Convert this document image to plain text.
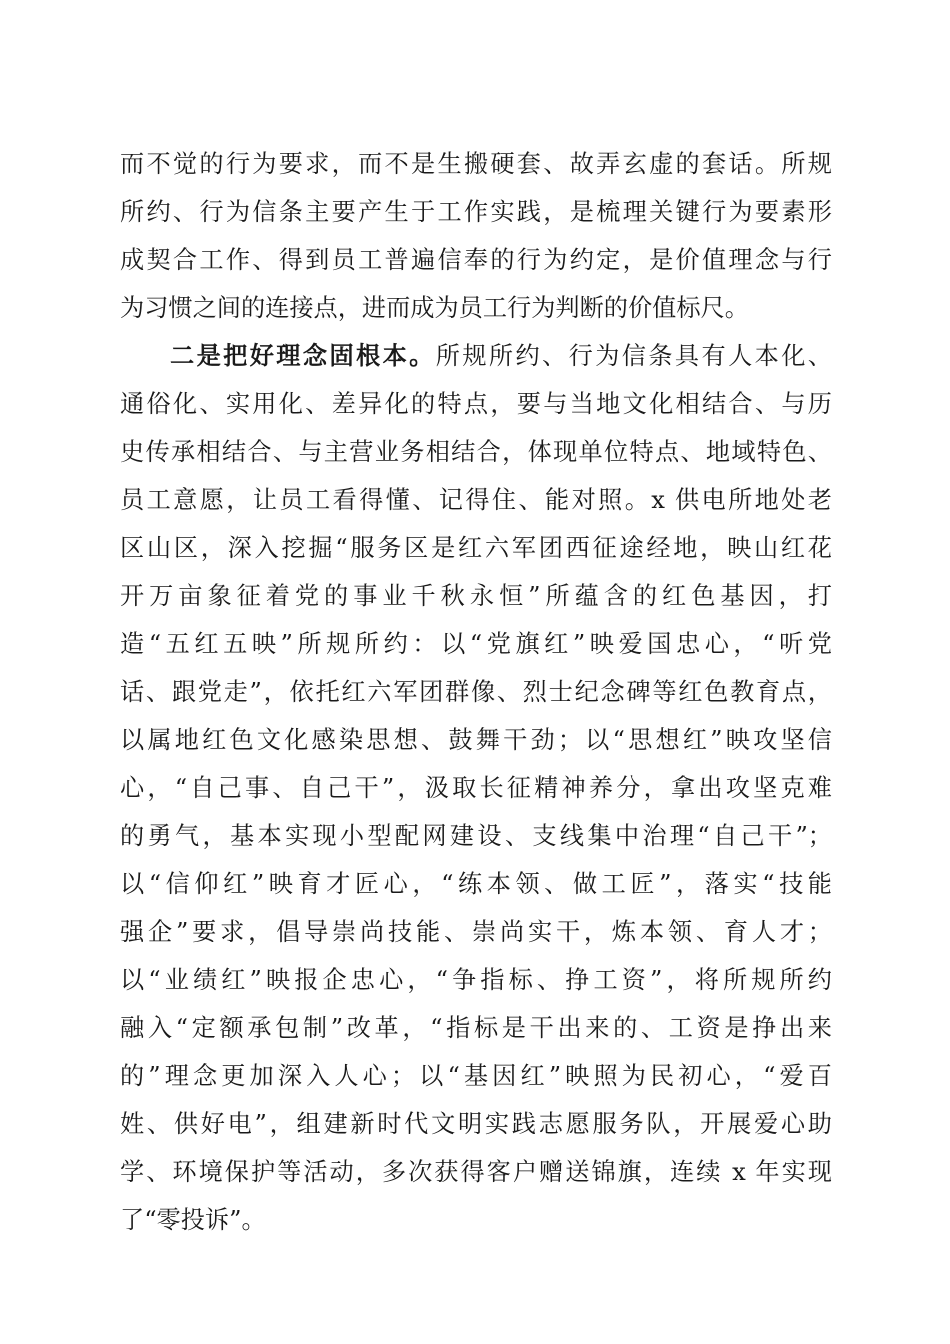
而不觉的行为要求，而不是生搬硬套、故弄玄虚的套话。所规
所约、行为信条主要产生于工作实践，是梳理关键行为要素形
成契合工作、得到员工普遍信奉的行为约定，是价值理念与行
为习惯之间的连接点，进而成为员工行为判断的价值标尺。
二是把好理念固根本。所规所约、行为信条具有人本化、
通俗化、实用化、差异化的特点，要与当地文化相结合、与历
史传承相结合、与主营业务相结合，体现单位特点、地域特色、
员工意愿，让员工看得懂、记得住、能对照。x 供电所地处老
区山区，深入挖掘“服务区是红六军团西征途经地，映山红花
开万亩象征着党的事业千秋永恒”所蕴含的红色基因，打
造“五红五映”所规所约：以“党旗红”映爱国忠心，“听党
话、跟党走”，依托红六军团群像、烈士纪念碑等红色教育点，
以属地红色文化感染思想、鼓舞干劲；以“思想红”映攻坚信
心，“自己事、自己干”，汲取长征精神养分，拿出攻坚克难
的勇气，基本实现小型配网建设、支线集中治理“自己干”；
以“信仰红”映育才匠心，“练本领、做工匠”，落实“技能
强企”要求，倡导崇尚技能、崇尚实干，炼本领、育人才；
以“业绩红”映报企忠心，“争指标、挣工资”，将所规所约
融入“定额承包制”改革，“指标是干出来的、工资是挣出来
的”理念更加深入人心；以“基因红”映照为民初心，“爱百
姓、供好电”，组建新时代文明实践志愿服务队，开展爱心助
学、环境保护等活动，多次获得客户赠送锦旗，连续 x 年实现
了“零投诉”。
